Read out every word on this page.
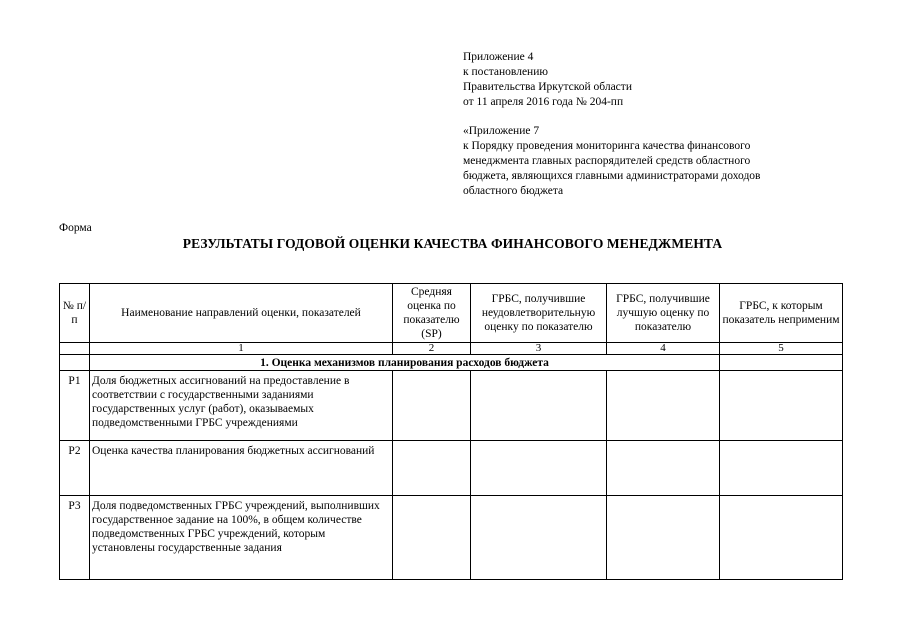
Приложение 4
к постановлению
Правительства Иркутской области
от 11 апреля 2016 года № 204-пп
«Приложение 7
к Порядку проведения мониторинга качества финансового
менеджмента главных распорядителей средств областного
бюджета, являющихся главными администраторами доходов
областного бюджета
Форма
РЕЗУЛЬТАТЫ ГОДОВОЙ ОЦЕНКИ КАЧЕСТВА ФИНАНСОВОГО МЕНЕДЖМЕНТА
№ п/п	Наименование направлений оценки, показателей	Средняя оценка по показателю (SP)	ГРБС, получившие неудовлетворительную оценку по показателю	ГРБС, получившие лучшую оценку по показателю	ГРБС, к которым показатель неприменим
	1	2	3	4	5
	1. Оценка механизмов планирования расходов бюджета				
P1	Доля бюджетных ассигнований на предоставление в соответствии с государственными заданиями государственных услуг (работ), оказываемых подведомственными ГРБС учреждениями				
P2	Оценка качества планирования бюджетных ассигнований				
P3	Доля подведомственных ГРБС учреждений, выполнивших государственное задание на 100%, в общем количестве подведомственных ГРБС учреждений, которым установлены государственные задания				
